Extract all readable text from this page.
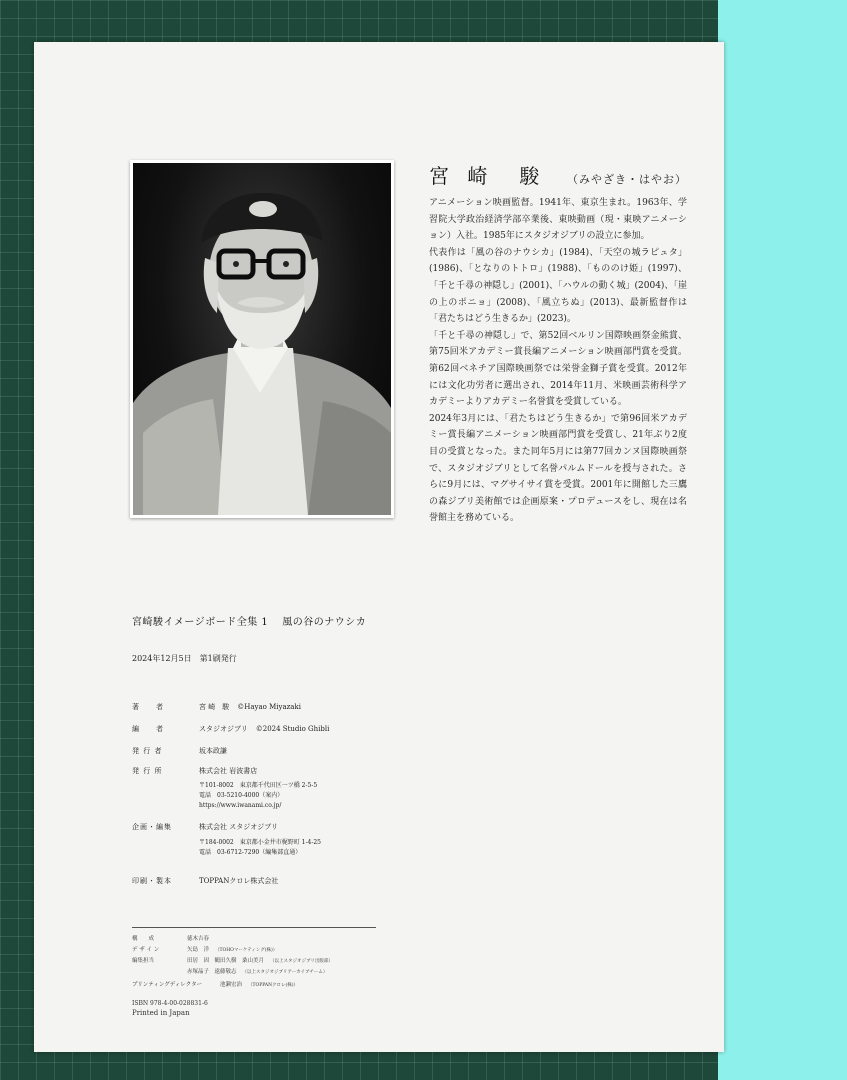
宮 崎　駿 （みやざき・はやお）

アニメーション映画監督。1941年、東京生まれ。1963年、学習院大学政治経済学部卒業後、東映動画（現・東映アニメーション）入社。1985年にスタジオジブリの設立に参加。

代表作は「風の谷のナウシカ」(1984)、「天空の城ラピュタ」(1986)、「となりのトトロ」(1988)、「もののけ姫」(1997)、「千と千尋の神隠し」(2001)、「ハウルの動く城」(2004)、「崖の上のポニョ」(2008)、「風立ちぬ」(2013)、最新監督作は「君たちはどう生きるか」(2023)。

「千と千尋の神隠し」で、第52回ベルリン国際映画祭金熊賞、第75回米アカデミー賞長編アニメーション映画部門賞を受賞。第62回ベネチア国際映画祭では栄誉金獅子賞を受賞。2012年には文化功労者に選出され、2014年11月、米映画芸術科学アカデミーよりアカデミー名誉賞を受賞している。

2024年3月には、「君たちはどう生きるか」で第96回米アカデミー賞長編アニメーション映画部門賞を受賞し、21年ぶり2度目の受賞となった。また同年5月には第77回カンヌ国際映画祭で、スタジオジブリとして名誉パルムドールを授与された。さらに9月には、マグサイサイ賞を受賞。2001年に開館した三鷹の森ジブリ美術館では企画原案・プロデュースをし、現在は名誉館主を務めている。

宮崎駿イメージボード全集 1 風の谷のナウシカ
2024年12月5日 第1刷発行
著　　者	宮 崎　駿 ©Hayao Miyazaki
編　　者	スタジオジブリ ©2024 Studio Ghibli
発 行 者	坂本政謙
発 行 所	株式会社 岩波書店
〒101-8002　東京都千代田区一ツ橋 2-5-5
電話　03-5210-4000（案内）
https://www.iwanami.co.jp/
企画・編集	株式会社 スタジオジブリ
〒184-0002　東京都小金井市梶野町 1-4-25
電話　03-6712-7290（編集部直通）
印刷・製本	TOPPANクロレ株式会社
構　　成	徳木吉春
デ ザ イ ン	矢島　洋 （TOHOマーケティング(株)）
編集担当	田居　因　鶴田久樹　桑山美月 （以上スタジオジブリ出版部）
赤塚晶子　遠藤敬志 （以上スタジオジブリアーカイブチーム）
プリンティングディレクター	池瀬宏治 （TOPPANクロレ(株)）
ISBN 978-4-00-028831-6
Printed in Japan
